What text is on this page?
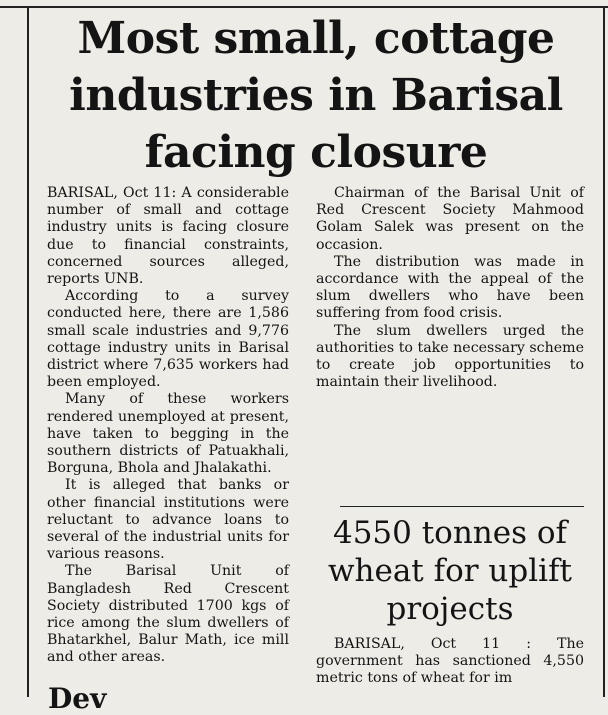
Most small, cottage industries in Barisal facing closure

BARISAL, Oct 11: A considerable number of small and cottage industry units is facing closure due to financial constraints, concerned sources alleged, reports UNB.

According to a survey conducted here, there are 1,586 small scale industries and 9,776 cottage industry units in Barisal district where 7,635 workers had been employed.

Many of these workers rendered unemployed at present, have taken to begging in the southern districts of Patuakhali, Borguna, Bhola and Jhalakathi.

It is alleged that banks or other financial institutions were reluctant to advance loans to several of the industrial units for various reasons.

The Barisal Unit of Bangladesh Red Crescent Society distributed 1700 kgs of rice among the slum dwellers of Bhatarkhel, Balur Math, ice mill and other areas.

Chairman of the Barisal Unit of Red Crescent Society Mahmood Golam Salek was present on the occasion.

The distribution was made in accordance with the appeal of the slum dwellers who have been suffering from food crisis.

The slum dwellers urged the authorities to take necessary scheme to create job opportunities to maintain their livelihood.

4550 tonnes of wheat for uplift projects

BARISAL, Oct 11 : The government has sanctioned 4,550 metric tons of wheat for im

Dev
